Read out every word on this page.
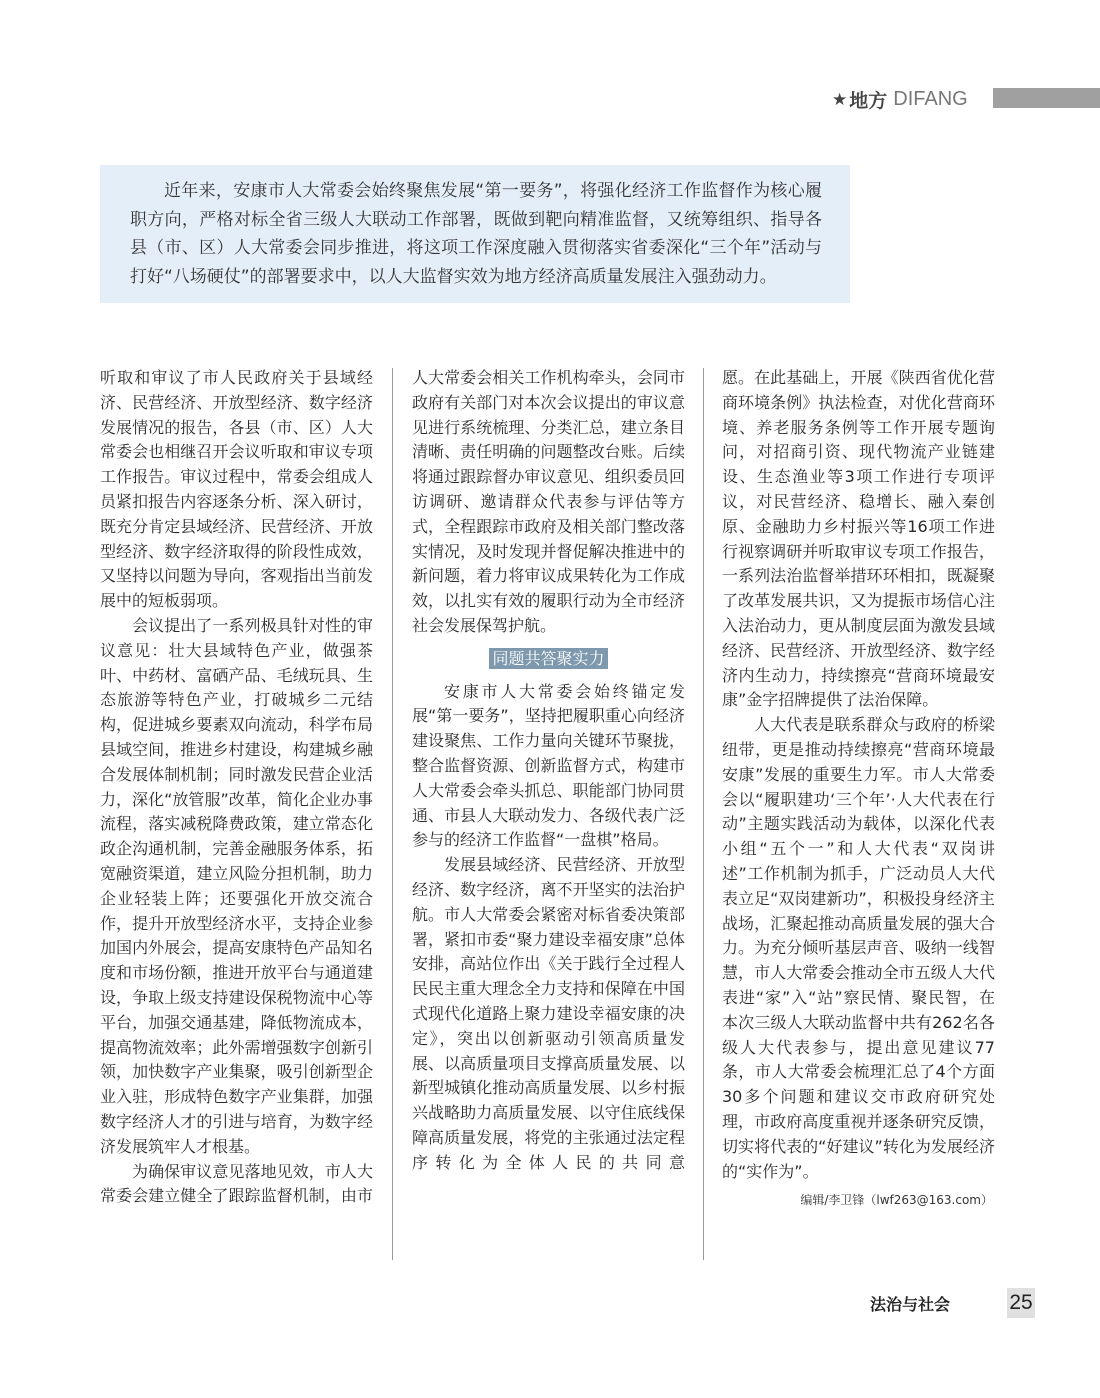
★ 地方 DIFANG
近年来，安康市人大常委会始终聚焦发展“第一要务”，将强化经济工作监督作为核心履职方向，严格对标全省三级人大联动工作部署，既做到靶向精准监督，又统筹组织、指导各县（市、区）人大常委会同步推进，将这项工作深度融入贯彻落实省委深化“三个年”活动与打好“八场硬仗”的部署要求中，以人大监督实效为地方经济高质量发展注入强劲动力。

听取和审议了市人民政府关于县域经济、民营经济、开放型经济、数字经济发展情况的报告，各县（市、区）人大常委会也相继召开会议听取和审议专项工作报告。审议过程中，常委会组成人员紧扣报告内容逐条分析、深入研讨，既充分肯定县域经济、民营经济、开放型经济、数字经济取得的阶段性成效，又坚持以问题为导向，客观指出当前发展中的短板弱项。

会议提出了一系列极具针对性的审议意见：壮大县域特色产业，做强茶叶、中药材、富硒产品、毛绒玩具、生态旅游等特色产业，打破城乡二元结构，促进城乡要素双向流动，科学布局县域空间，推进乡村建设，构建城乡融合发展体制机制；同时激发民营企业活力，深化“放管服”改革，简化企业办事流程，落实减税降费政策，建立常态化政企沟通机制，完善金融服务体系，拓宽融资渠道，建立风险分担机制，助力企业轻装上阵；还要强化开放交流合作，提升开放型经济水平，支持企业参加国内外展会，提高安康特色产品知名度和市场份额，推进开放平台与通道建设，争取上级支持建设保税物流中心等平台，加强交通基建，降低物流成本，提高物流效率；此外需增强数字创新引领，加快数字产业集聚，吸引创新型企业入驻，形成特色数字产业集群，加强数字经济人才的引进与培育，为数字经济发展筑牢人才根基。

为确保审议意见落地见效，市人大常委会建立健全了跟踪监督机制，由市

人大常委会相关工作机构牵头，会同市政府有关部门对本次会议提出的审议意见进行系统梳理、分类汇总，建立条目清晰、责任明确的问题整改台账。后续将通过跟踪督办审议意见、组织委员回访调研、邀请群众代表参与评估等方式，全程跟踪市政府及相关部门整改落实情况，及时发现并督促解决推进中的新问题，着力将审议成果转化为工作成效，以扎实有效的履职行动为全市经济社会发展保驾护航。

同题共答聚实力

安康市人大常委会始终锚定发展“第一要务”，坚持把履职重心向经济建设聚焦、工作力量向关键环节聚拢，整合监督资源、创新监督方式，构建市人大常委会牵头抓总、职能部门协同贯通、市县人大联动发力、各级代表广泛参与的经济工作监督“一盘棋”格局。

发展县域经济、民营经济、开放型经济、数字经济，离不开坚实的法治护航。市人大常委会紧密对标省委决策部署，紧扣市委“聚力建设幸福安康”总体安排，高站位作出《关于践行全过程人民民主重大理念全力支持和保障在中国式现代化道路上聚力建设幸福安康的决定》，突出以创新驱动引领高质量发展、以高质量项目支撑高质量发展、以新型城镇化推动高质量发展、以乡村振兴战略助力高质量发展、以守住底线保障高质量发展，将党的主张通过法定程序转化为全体人民的共同意

愿。在此基础上，开展《陕西省优化营商环境条例》执法检查，对优化营商环境、养老服务条例等工作开展专题询问，对招商引资、现代物流产业链建设、生态渔业等3项工作进行专项评议，对民营经济、稳增长、融入秦创原、金融助力乡村振兴等16项工作进行视察调研并听取审议专项工作报告，一系列法治监督举措环环相扣，既凝聚了改革发展共识，又为提振市场信心注入法治动力，更从制度层面为激发县域经济、民营经济、开放型经济、数字经济内生动力，持续擦亮“营商环境最安康”金字招牌提供了法治保障。

人大代表是联系群众与政府的桥梁纽带，更是推动持续擦亮“营商环境最安康”发展的重要生力军。市人大常委会以“履职建功‘三个年’·人大代表在行动”主题实践活动为载体，以深化代表小组“五个一”和人大代表“双岗讲述”工作机制为抓手，广泛动员人大代表立足“双岗建新功”，积极投身经济主战场，汇聚起推动高质量发展的强大合力。为充分倾听基层声音、吸纳一线智慧，市人大常委会推动全市五级人大代表进“家”入“站”察民情、聚民智，在本次三级人大联动监督中共有262名各级人大代表参与，提出意见建议77条，市人大常委会梳理汇总了4个方面30多个问题和建议交市政府研究处理，市政府高度重视并逐条研究反馈，切实将代表的“好建议”转化为发展经济的“实作为”。

编辑/李卫锋（lwf263@163.com）
法治与社会	25
